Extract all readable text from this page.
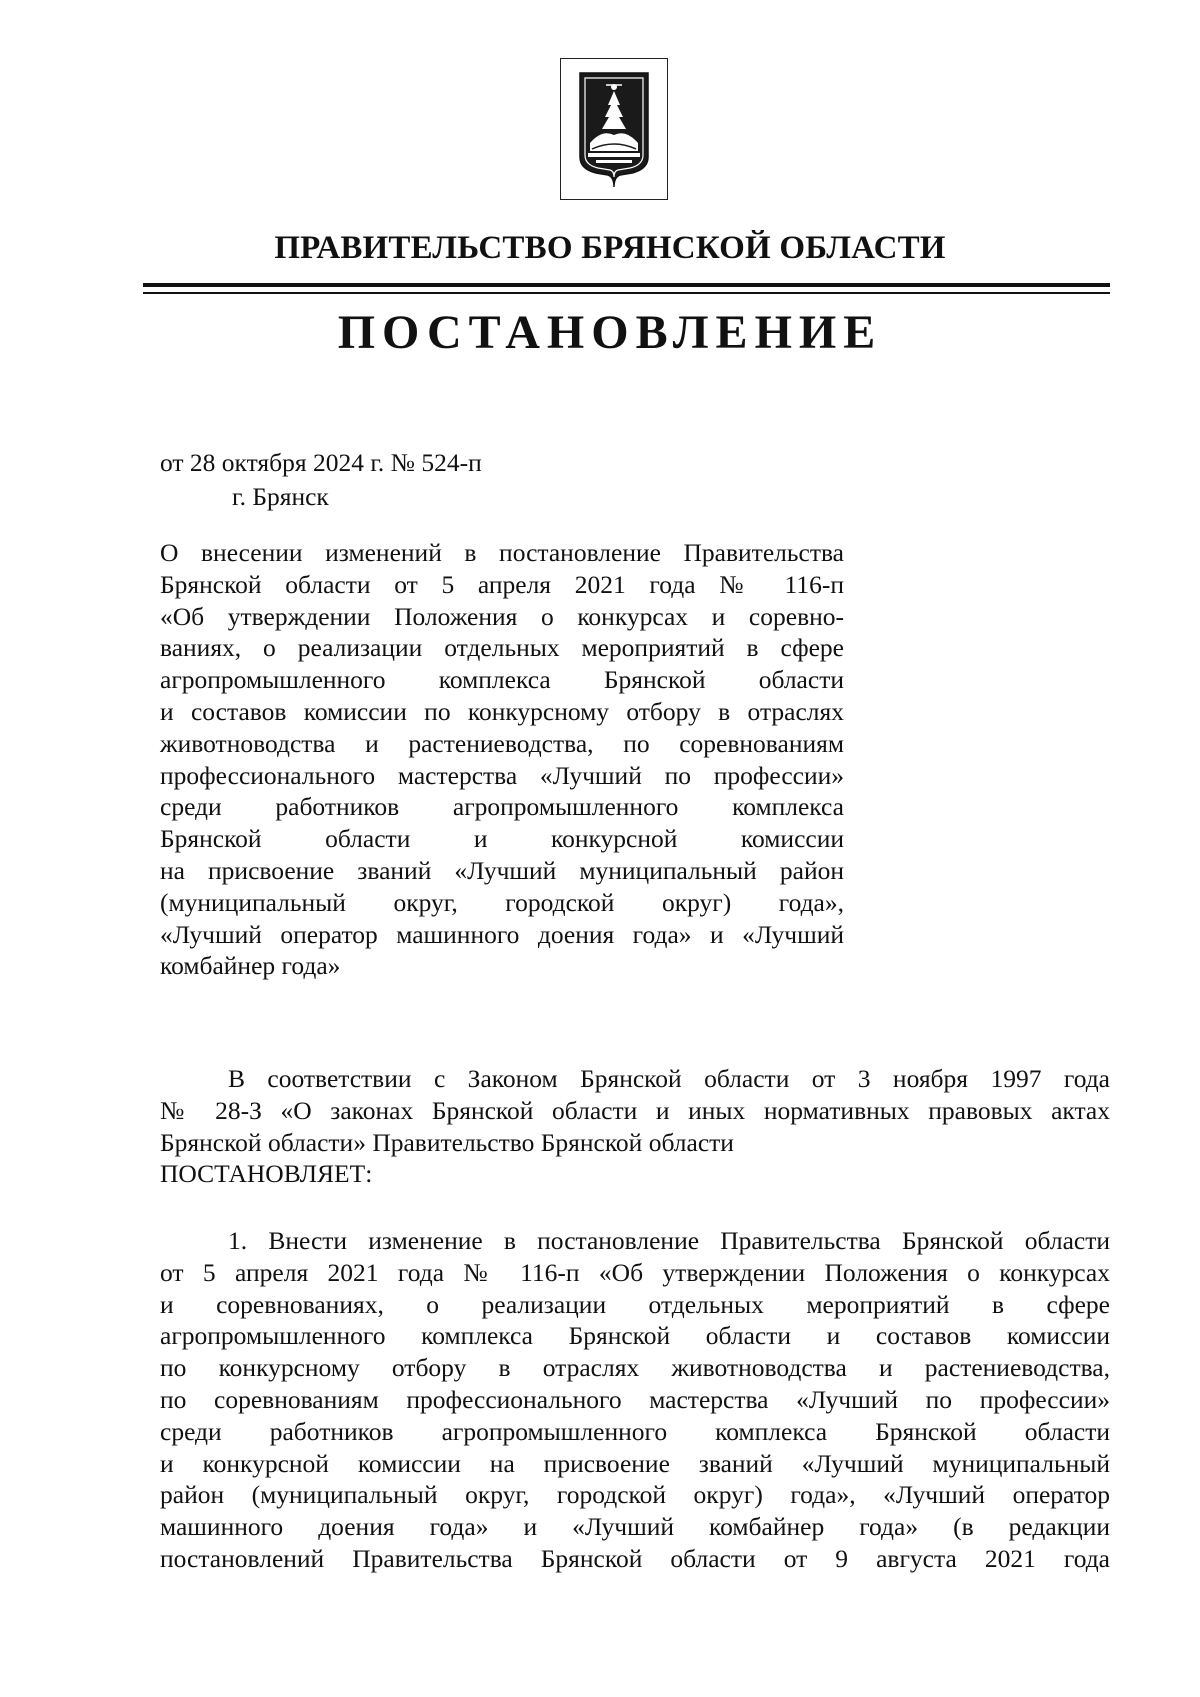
ПРАВИТЕЛЬСТВО БРЯНСКОЙ ОБЛАСТИ
ПОСТАНОВЛЕНИЕ
от 28 октября 2024 г. № 524-п
г. Брянск
О внесении изменений в постановление Правительства
Брянской области от 5 апреля 2021 года № 116-п
«Об утверждении Положения о конкурсах и соревно-
ваниях, о реализации отдельных мероприятий в сфере
агропромышленного комплекса Брянской области
и составов комиссии по конкурсному отбору в отраслях
животноводства и растениеводства, по соревнованиям
профессионального мастерства «Лучший по профессии»
среди работников агропромышленного комплекса
Брянской области и конкурсной комиссии
на присвоение званий «Лучший муниципальный район
(муниципальный округ, городской округ) года»,
«Лучший оператор машинного доения года» и «Лучший
комбайнер года»
В соответствии с Законом Брянской области от 3 ноября 1997 года
№ 28-З «О законах Брянской области и иных нормативных правовых актах
Брянской области» Правительство Брянской области
ПОСТАНОВЛЯЕТ:
1. Внести изменение в постановление Правительства Брянской области
от 5 апреля 2021 года № 116-п «Об утверждении Положения о конкурсах
и соревнованиях, о реализации отдельных мероприятий в сфере
агропромышленного комплекса Брянской области и составов комиссии
по конкурсному отбору в отраслях животноводства и растениеводства,
по соревнованиям профессионального мастерства «Лучший по профессии»
среди работников агропромышленного комплекса Брянской области
и конкурсной комиссии на присвоение званий «Лучший муниципальный
район (муниципальный округ, городской округ) года», «Лучший оператор
машинного доения года» и «Лучший комбайнер года» (в редакции
постановлений Правительства Брянской области от 9 августа 2021 года
